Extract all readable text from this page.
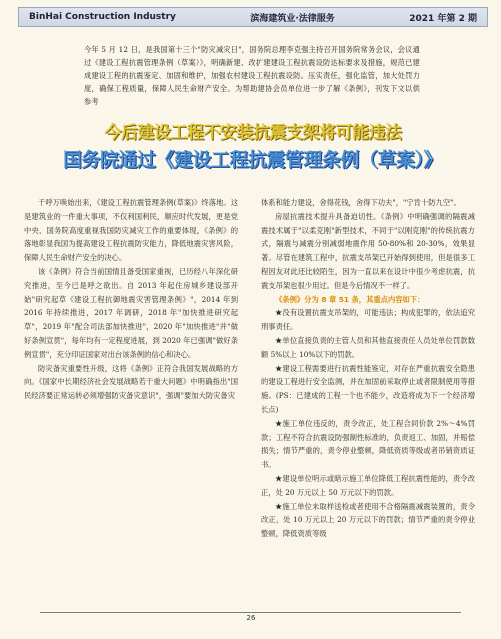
BinHai Construction Industry	滨海建筑业·法律服务	2021 年第 2 期
今年 5 月 12 日，是我国第十三个"防灾减灾日"，国务院总理李克强主持召开国务院常务会议，会议通过《建设工程抗震管理条例（草案）》，明确新建、改扩建建设工程抗震设防达标要求及措施，规范已建成建设工程的抗震鉴定、加固和维护，加强农村建设工程抗震设防。压实责任，强化监管，加大处罚力度，确保工程质量，保障人民生命财产安全。为帮助建协会员单位进一步了解《条例》，刊发下文以供参考
今后建设工程不安装抗震支架将可能违法
国务院通过《建设工程抗震管理条例（草案）》

千呼万唤始出来，《建设工程抗震管理条例(草案)》终落地。这是建筑业的一件重大事项，不仅利国利民，顺应时代发展，更是党中央、国务院高度重视我国防灾减灾工作的重要体现，《条例》的落地彰显我国为提高建设工程抗震防灾能力，降低地震灾害风险，保障人民生命财产安全的决心。

该《条例》符合当前国情且备受国家重视，已历经八年深化研究推进，至今已是呼之欲出。自 2013 年起住房城乡建设部开始"研究起草《建设工程抗御地震灾害管理条例》"，2014 年到 2016 年持续推进，2017 年调研，2018 年"加快推进研究起草"，2019 年"配合司法部加快推进"，2020 年"加快推进"并"做好条例宣贯"，每年均有一定程度进展，到 2020 年已强调"做好条例宣贯"，充分印证国家对出台该条例的信心和决心。

防灾备灾重要性升级，这将《条例》正符合我国发展战略的方向。《国家中长期经济社会发展战略若干重大问题》中明确指出"国民经济要正常运转必须增强防灾备灾意识"，强调"要加大防灾备灾

体系和能力建设，舍得花钱，舍得下功夫"，"宁肯十防九空"。

房屋抗震技术提升具备迫切性。《条例》中明确强调的隔震减震技术属于"以柔克刚"新型技术，不同于"以刚克刚"的传统抗震方式，隔震与减震分别减弱地震作用 50-80%和 20-30%，效果显著。尽管在建筑工程中，抗震支吊架已开始得到使用，但是很多工程因友对此还比较陌生，因为一直以来在设计中很少考虑抗震，抗震支吊架也很少用过。但是今后情况不一样了。

《条例》分为 8 章 51 条，其重点内容如下：

★没有设置抗震支吊架的，可能违法；构成犯罪的，依法追究刑事责任。

★单位直接负责的主管人员和其他直接责任人员处单位罚款数额 5%以上 10%以下的罚款。

★建设工程需要进行抗震性能鉴定，对存在严重抗震安全隐患的建设工程进行安全监测，并在加固前采取停止或者限制使用等措施。(PS：已建成的工程一个也不能少，改造将成为下一个经济增长点)

★施工单位违反的，责令改正，处工程合同价款 2%～4%罚款；工程不符合抗震设防强制性标准的，负责返工、加固，并赔偿损失；情节严重的，责令停业整顿，降低资质等级或者吊销资质证书。

★建设单位明示或暗示施工单位降低工程抗震性能的，责令改正，处 20 万元以上 50 万元以下的罚款。

★施工单位未取样送检或者使用不合格隔震减震装置的，责令改正，处 10 万元以上 20 万元以下的罚款；情节严重的责令停业整顿，降低资质等级

26
